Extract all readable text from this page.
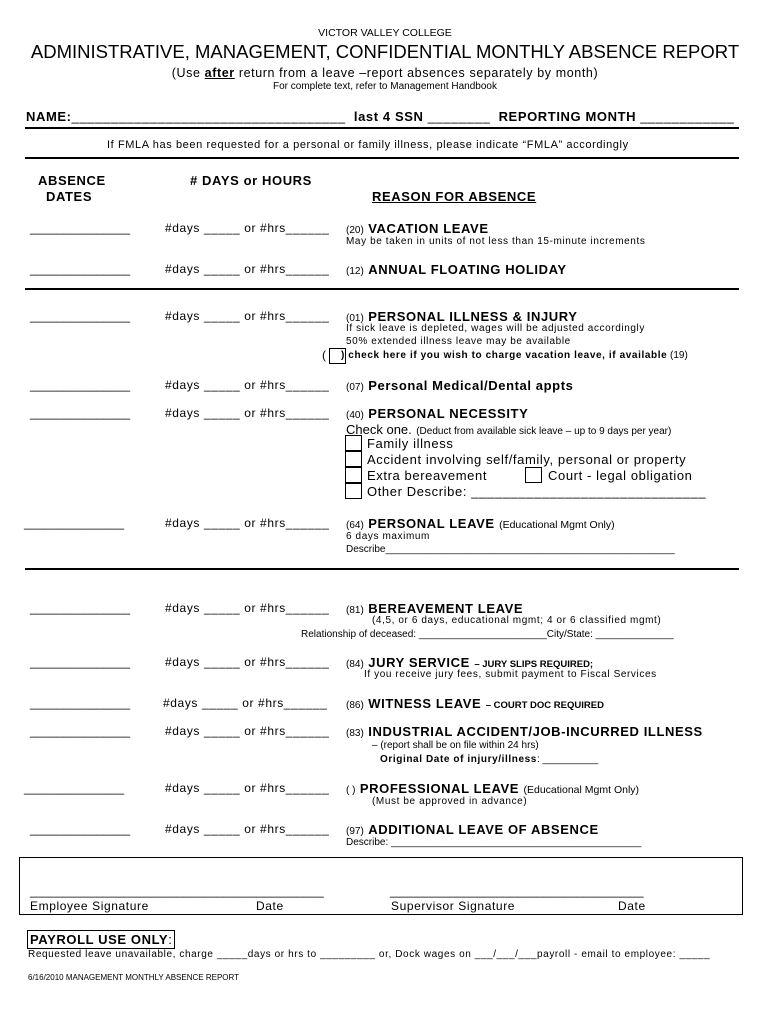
VICTOR VALLEY COLLEGE
ADMINISTRATIVE, MANAGEMENT, CONFIDENTIAL MONTHLY ABSENCE REPORT
(Use after return from a leave –report absences separately by month)
For complete text, refer to Management Handbook
NAME:___________________________________ last 4 SSN ________ REPORTING MONTH ____________
If FMLA has been requested for a personal or family illness, please indicate “FMLA” accordingly
ABSENCE
DATES
# DAYS or HOURS
REASON FOR ABSENCE
_______________	#days _____ or #hrs______ (20) VACATION LEAVE
May be taken in units of not less than 15-minute increments
_______________	#days _____ or #hrs______ (12) ANNUAL FLOATING HOLIDAY
_______________	#days _____ or #hrs______ (01) PERSONAL ILLNESS & INJURY
If sick leave is depleted, wages will be adjusted accordingly
50% extended illness leave may be available
( ) check here if you wish to charge vacation leave, if available (19)
_______________	#days _____ or #hrs______ (07) Personal Medical/Dental appts
_______________	#days _____ or #hrs______ (40) PERSONAL NECESSITY
Check one. (Deduct from available sick leave – up to 9 days per year)
Family illness
Accident involving self/family, personal or property
Extra bereavement	Court - legal obligation
Other Describe: ______________________________
_______________	#days _____ or #hrs______ (64) PERSONAL LEAVE (Educational Mgmt Only)
6 days maximum
Describe____________________________________________________
_______________	#days _____ or #hrs______ (81) BEREAVEMENT LEAVE
(4,5, or 6 days, educational mgmt; 4 or 6 classified mgmt)
Relationship of deceased: _______________________City/State: ______________
_______________	#days _____ or #hrs______ (84) JURY SERVICE – JURY SLIPS REQUIRED;
If you receive jury fees, submit payment to Fiscal Services
_______________	#days _____ or #hrs______ (86) WITNESS LEAVE – COURT DOC REQUIRED
_______________	#days _____ or #hrs______ (83) INDUSTRIAL ACCIDENT/JOB-INCURRED ILLNESS
– (report shall be on file within 24 hrs)
Original Date of injury/illness: __________
_______________	#days _____ or #hrs______ ( ) PROFESSIONAL LEAVE (Educational Mgmt Only)
(Must be approved in advance)
_______________	#days _____ or #hrs______ (97) ADDITIONAL LEAVE OF ABSENCE
Describe: _____________________________________________
____________________________________________	______________________________________
Employee Signature	Date	Supervisor Signature	Date
PAYROLL USE ONLY:
Requested leave unavailable, charge _____days or hrs to _________ or, Dock wages on ___/___/___payroll - email to employee: _____
6/16/2010 MANAGEMENT MONTHLY ABSENCE REPORT
